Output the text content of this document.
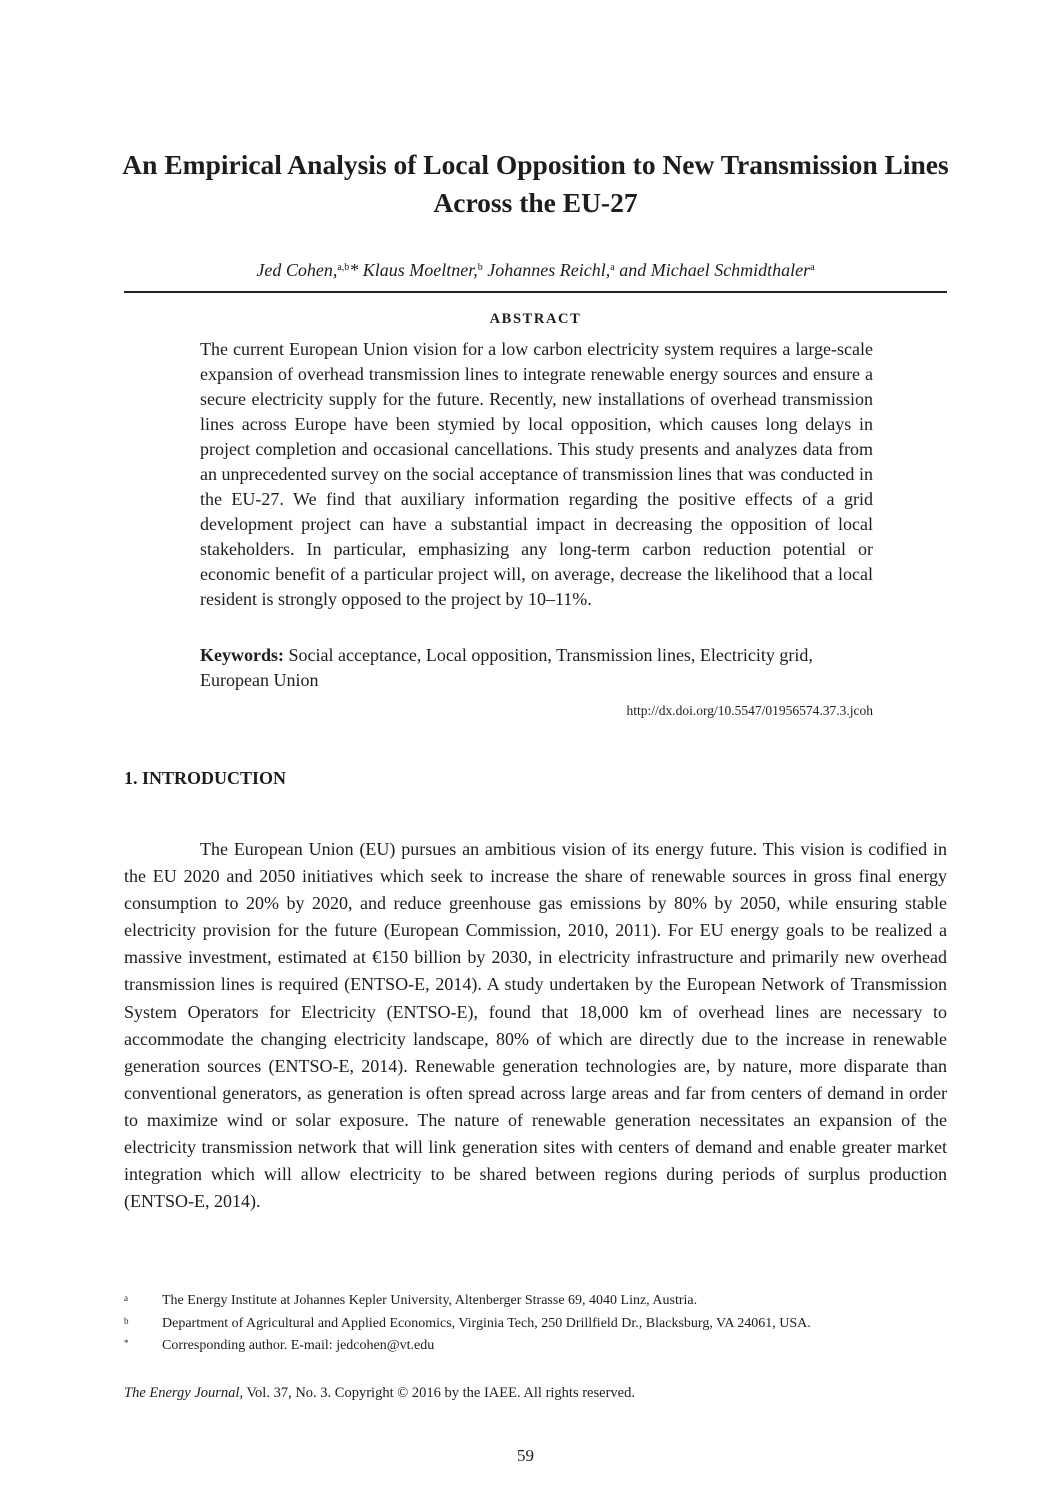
An Empirical Analysis of Local Opposition to New Transmission Lines Across the EU-27
Jed Cohen,$^{a,b}$* Klaus Moeltner,$^b$ Johannes Reichl,$^a$ and Michael Schmidthaler$^a$
ABSTRACT

The current European Union vision for a low carbon electricity system requires a large-scale expansion of overhead transmission lines to integrate renewable energy sources and ensure a secure electricity supply for the future. Recently, new installations of overhead transmission lines across Europe have been stymied by local opposition, which causes long delays in project completion and occasional cancellations. This study presents and analyzes data from an unprecedented survey on the social acceptance of transmission lines that was conducted in the EU-27. We find that auxiliary information regarding the positive effects of a grid development project can have a substantial impact in decreasing the opposition of local stakeholders. In particular, emphasizing any long-term carbon reduction potential or economic benefit of a particular project will, on average, decrease the likelihood that a local resident is strongly opposed to the project by 10–11%.

Keywords: Social acceptance, Local opposition, Transmission lines, Electricity grid, European Union

http://dx.doi.org/10.5547/01956574.37.3.jcoh
1. INTRODUCTION

The European Union (EU) pursues an ambitious vision of its energy future. This vision is codified in the EU 2020 and 2050 initiatives which seek to increase the share of renewable sources in gross final energy consumption to 20% by 2020, and reduce greenhouse gas emissions by 80% by 2050, while ensuring stable electricity provision for the future (European Commission, 2010, 2011). For EU energy goals to be realized a massive investment, estimated at €150 billion by 2030, in electricity infrastructure and primarily new overhead transmission lines is required (ENTSO-E, 2014). A study undertaken by the European Network of Transmission System Operators for Electricity (ENTSO-E), found that 18,000 km of overhead lines are necessary to accommodate the changing electricity landscape, 80% of which are directly due to the increase in renewable generation sources (ENTSO-E, 2014). Renewable generation technologies are, by nature, more disparate than conventional generators, as generation is often spread across large areas and far from centers of demand in order to maximize wind or solar exposure. The nature of renewable generation necessitates an expansion of the electricity transmission network that will link generation sites with centers of demand and enable greater market integration which will allow electricity to be shared between regions during periods of surplus production (ENTSO-E, 2014).

a The Energy Institute at Johannes Kepler University, Altenberger Strasse 69, 4040 Linz, Austria.
b Department of Agricultural and Applied Economics, Virginia Tech, 250 Drillfield Dr., Blacksburg, VA 24061, USA.
* Corresponding author. E-mail: jedcohen@vt.edu
The Energy Journal, Vol. 37, No. 3. Copyright © 2016 by the IAEE. All rights reserved.
59
